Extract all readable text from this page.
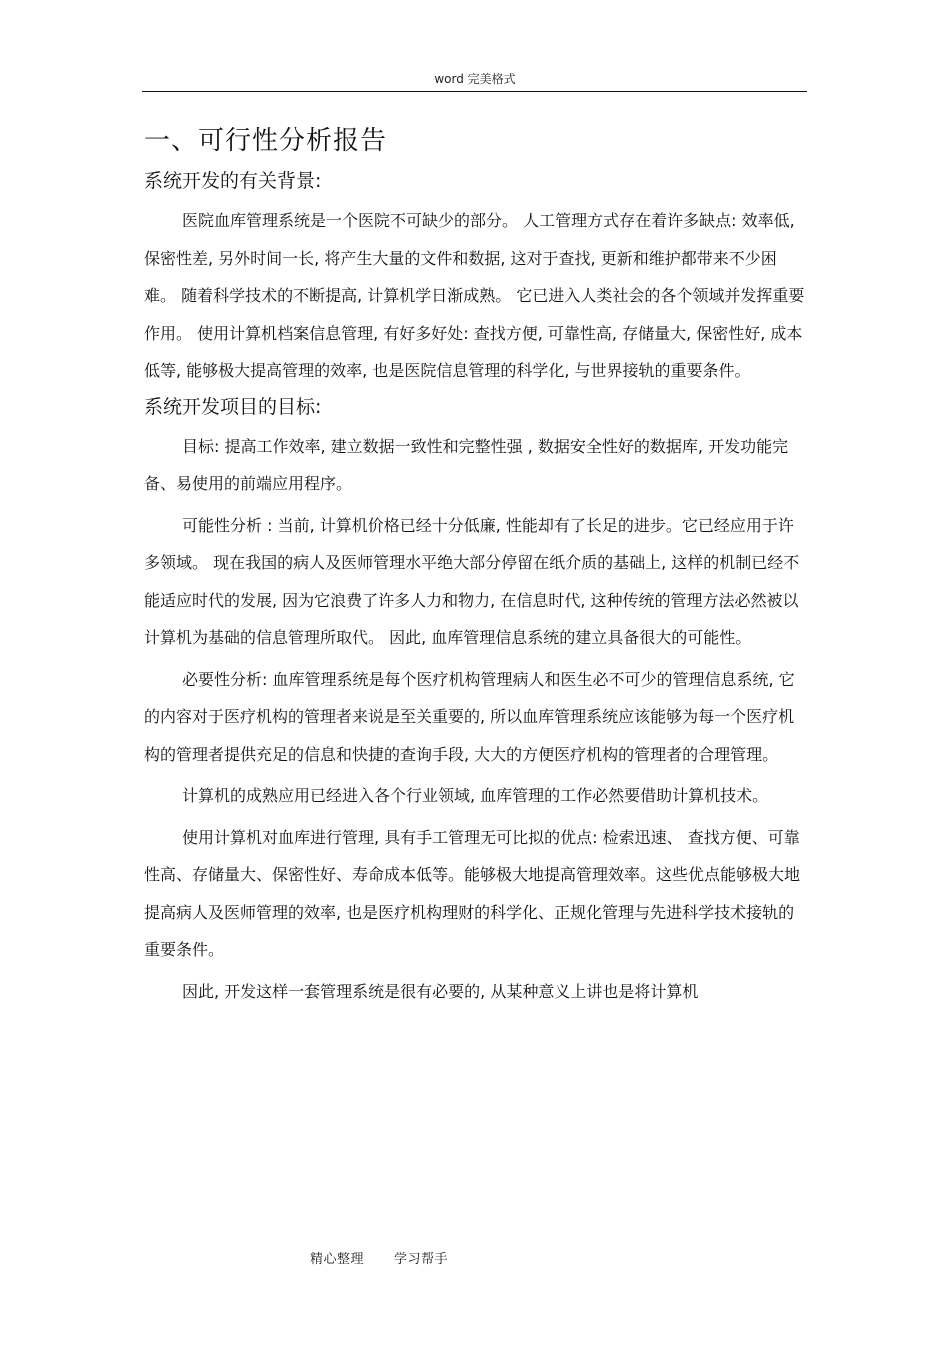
word 完美格式
一、可行性分析报告
系统开发的有关背景:

医院血库管理系统是一个医院不可缺少的部分。 人工管理方式存在着许多缺点: 效率低, 保密性差, 另外时间一长, 将产生大量的文件和数据, 这对于查找, 更新和维护都带来不少困难。 随着科学技术的不断提高, 计算机学日渐成熟。 它已进入人类社会的各个领域并发挥重要作用。 使用计算机档案信息管理, 有好多好处: 查找方便, 可靠性高, 存储量大, 保密性好, 成本低等, 能够极大提高管理的效率, 也是医院信息管理的科学化, 与世界接轨的重要条件。

系统开发项目的目标:

目标: 提高工作效率, 建立数据一致性和完整性强 , 数据安全性好的数据库, 开发功能完备、易使用的前端应用程序。

可能性分析 : 当前, 计算机价格已经十分低廉, 性能却有了长足的进步。它已经应用于许多领域。 现在我国的病人及医师管理水平绝大部分停留在纸介质的基础上, 这样的机制已经不能适应时代的发展, 因为它浪费了许多人力和物力, 在信息时代, 这种传统的管理方法必然被以计算机为基础的信息管理所取代。 因此, 血库管理信息系统的建立具备很大的可能性。

必要性分析: 血库管理系统是每个医疗机构管理病人和医生必不可少的管理信息系统, 它的内容对于医疗机构的管理者来说是至关重要的, 所以血库管理系统应该能够为每一个医疗机构的管理者提供充足的信息和快捷的查询手段, 大大的方便医疗机构的管理者的合理管理。

计算机的成熟应用已经进入各个行业领域, 血库管理的工作必然要借助计算机技术。

使用计算机对血库进行管理, 具有手工管理无可比拟的优点: 检索迅速、 查找方便、可靠性高、存储量大、保密性好、寿命成本低等。能够极大地提高管理效率。这些优点能够极大地提高病人及医师管理的效率, 也是医疗机构理财的科学化、正规化管理与先进科学技术接轨的重要条件。

因此, 开发这样一套管理系统是很有必要的, 从某种意义上讲也是将计算机

精心整理 学习帮手
